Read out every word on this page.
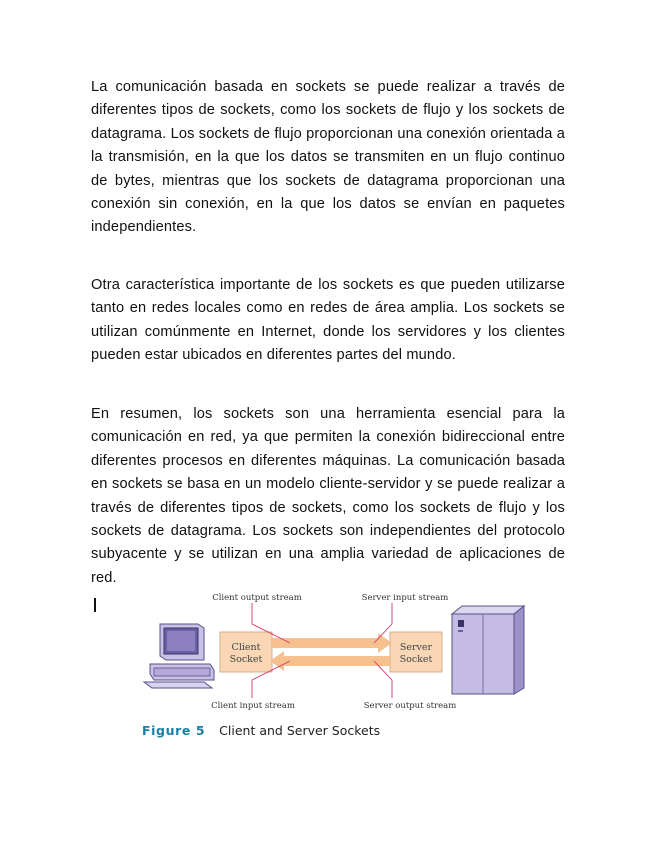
La comunicación basada en sockets se puede realizar a través de diferentes tipos de sockets, como los sockets de flujo y los sockets de datagrama. Los sockets de flujo proporcionan una conexión orientada a la transmisión, en la que los datos se transmiten en un flujo continuo de bytes, mientras que los sockets de datagrama proporcionan una conexión sin conexión, en la que los datos se envían en paquetes independientes.

Otra característica importante de los sockets es que pueden utilizarse tanto en redes locales como en redes de área amplia. Los sockets se utilizan comúnmente en Internet, donde los servidores y los clientes pueden estar ubicados en diferentes partes del mundo.

En resumen, los sockets son una herramienta esencial para la comunicación en red, ya que permiten la conexión bidireccional entre diferentes procesos en diferentes máquinas. La comunicación basada en sockets se basa en un modelo cliente-servidor y se puede realizar a través de diferentes tipos de sockets, como los sockets de flujo y los sockets de datagrama. Los sockets son independientes del protocolo subyacente y se utilizan en una amplia variedad de aplicaciones de red.

Client
Socket
Server
Socket
Client output stream	Server input stream
Client input stream	Server output stream
Figure 5 Client and Server Sockets
